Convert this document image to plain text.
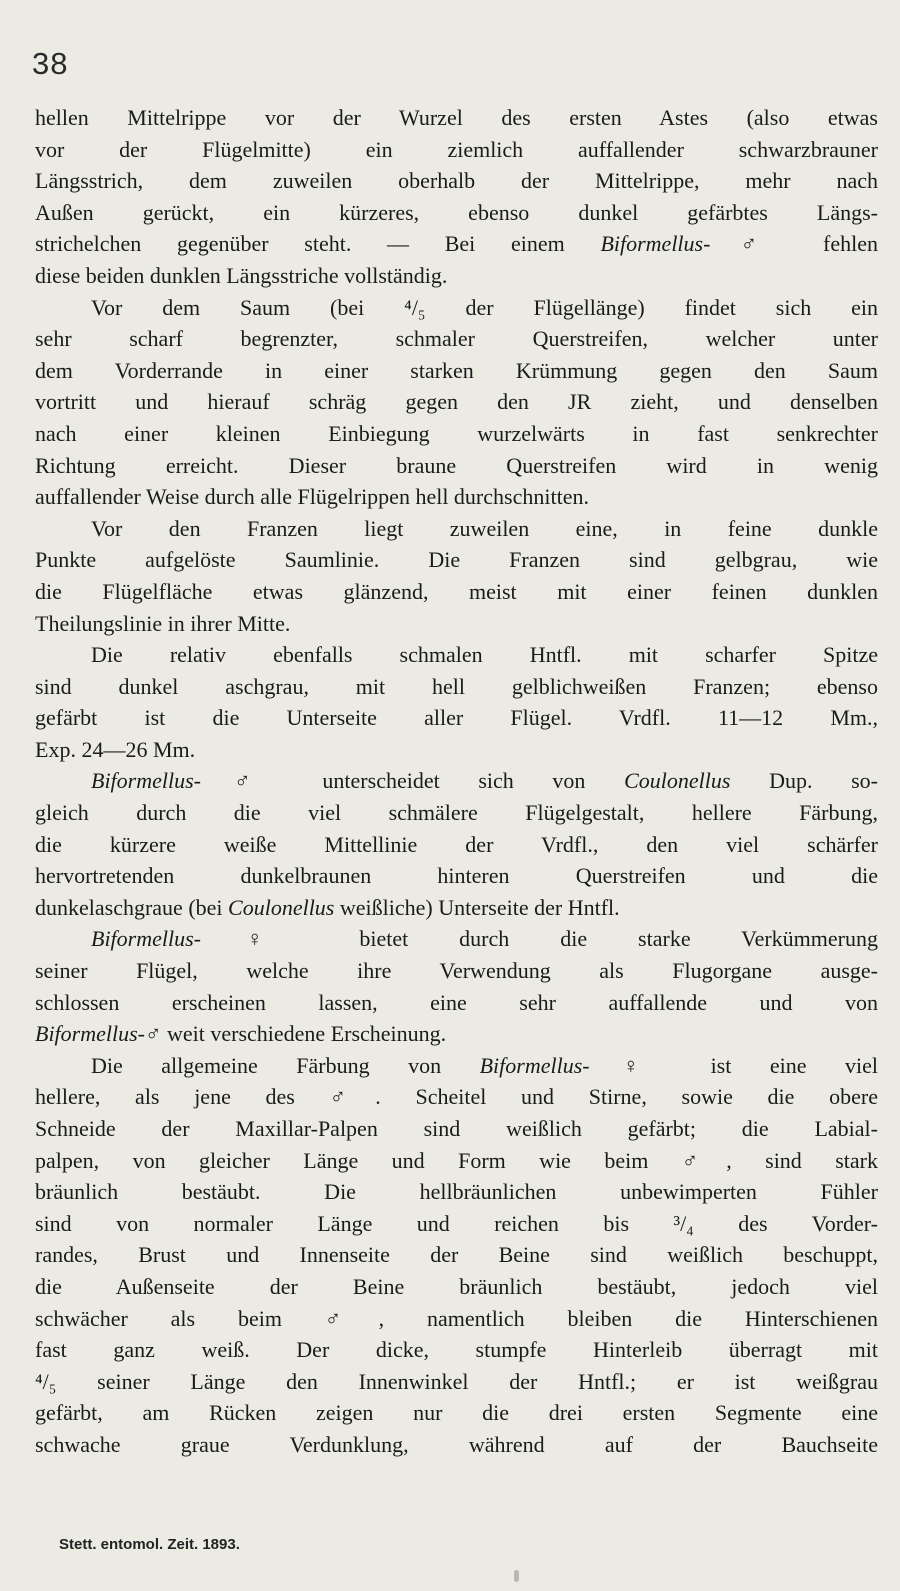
38
hellen Mittelrippe vor der Wurzel des ersten Astes (also etwas
vor der Flügelmitte) ein ziemlich auffallender schwarzbrauner
Längsstrich, dem zuweilen oberhalb der Mittelrippe, mehr nach
Außen gerückt, ein kürzeres, ebenso dunkel gefärbtes Längs-
strichelchen gegenüber steht. — Bei einem Biformellus-♂ fehlen
diese beiden dunklen Längsstriche vollständig.
Vor dem Saum (bei ⁴/₅ der Flügellänge) findet sich ein
sehr scharf begrenzter, schmaler Querstreifen, welcher unter
dem Vorderrande in einer starken Krümmung gegen den Saum
vortritt und hierauf schräg gegen den JR zieht, und denselben
nach einer kleinen Einbiegung wurzelwärts in fast senkrechter
Richtung erreicht. Dieser braune Querstreifen wird in wenig
auffallender Weise durch alle Flügelrippen hell durchschnitten.
Vor den Franzen liegt zuweilen eine, in feine dunkle
Punkte aufgelöste Saumlinie. Die Franzen sind gelbgrau, wie
die Flügelfläche etwas glänzend, meist mit einer feinen dunklen
Theilungslinie in ihrer Mitte.
Die relativ ebenfalls schmalen Hntfl. mit scharfer Spitze
sind dunkel aschgrau, mit hell gelblichweißen Franzen; ebenso
gefärbt ist die Unterseite aller Flügel. Vrdfl. 11—12 Mm.,
Exp. 24—26 Mm.
Biformellus-♂ unterscheidet sich von Coulonellus Dup. so-
gleich durch die viel schmälere Flügelgestalt, hellere Färbung,
die kürzere weiße Mittellinie der Vrdfl., den viel schärfer
hervortretenden dunkelbraunen hinteren Querstreifen und die
dunkelaschgraue (bei Coulonellus weißliche) Unterseite der Hntfl.
Biformellus-♀ bietet durch die starke Verkümmerung
seiner Flügel, welche ihre Verwendung als Flugorgane ausge-
schlossen erscheinen lassen, eine sehr auffallende und von
Biformellus-♂ weit verschiedene Erscheinung.
Die allgemeine Färbung von Biformellus-♀ ist eine viel
hellere, als jene des ♂. Scheitel und Stirne, sowie die obere
Schneide der Maxillar-Palpen sind weißlich gefärbt; die Labial-
palpen, von gleicher Länge und Form wie beim ♂, sind stark
bräunlich bestäubt. Die hellbräunlichen unbewimperten Fühler
sind von normaler Länge und reichen bis ³/₄ des Vorder-
randes, Brust und Innenseite der Beine sind weißlich beschuppt,
die Außenseite der Beine bräunlich bestäubt, jedoch viel
schwächer als beim ♂, namentlich bleiben die Hinterschienen
fast ganz weiß. Der dicke, stumpfe Hinterleib überragt mit
⁴/₅ seiner Länge den Innenwinkel der Hntfl.; er ist weißgrau
gefärbt, am Rücken zeigen nur die drei ersten Segmente eine
schwache graue Verdunklung, während auf der Bauchseite
Stett. entomol. Zeit. 1893.
